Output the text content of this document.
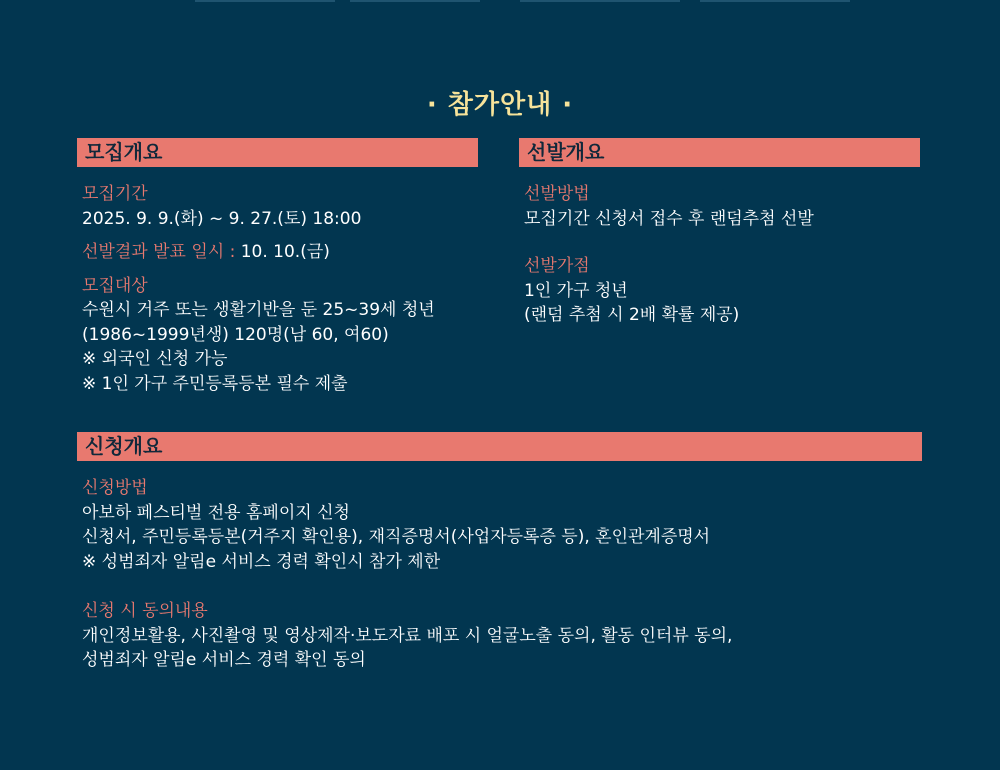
· 참가안내 ·
모집개요
모집기간
2025. 9. 9.(화) ~ 9. 27.(토) 18:00
선발결과 발표 일시 : 10. 10.(금)
모집대상
수원시 거주 또는 생활기반을 둔 25~39세 청년
(1986~1999년생) 120명(남 60, 여60)
※ 외국인 신청 가능
※ 1인 가구 주민등록등본 필수 제출
선발개요
선발방법
모집기간 신청서 접수 후 랜덤추첨 선발
선발가점
1인 가구 청년
(랜덤 추첨 시 2배 확률 제공)
신청개요
신청방법
아보하 페스티벌 전용 홈페이지 신청
신청서, 주민등록등본(거주지 확인용), 재직증명서(사업자등록증 등), 혼인관계증명서
※ 성범죄자 알림e 서비스 경력 확인시 참가 제한
신청 시 동의내용
개인정보활용, 사진촬영 및 영상제작·보도자료 배포 시 얼굴노출 동의, 활동 인터뷰 동의,
성범죄자 알림e 서비스 경력 확인 동의
